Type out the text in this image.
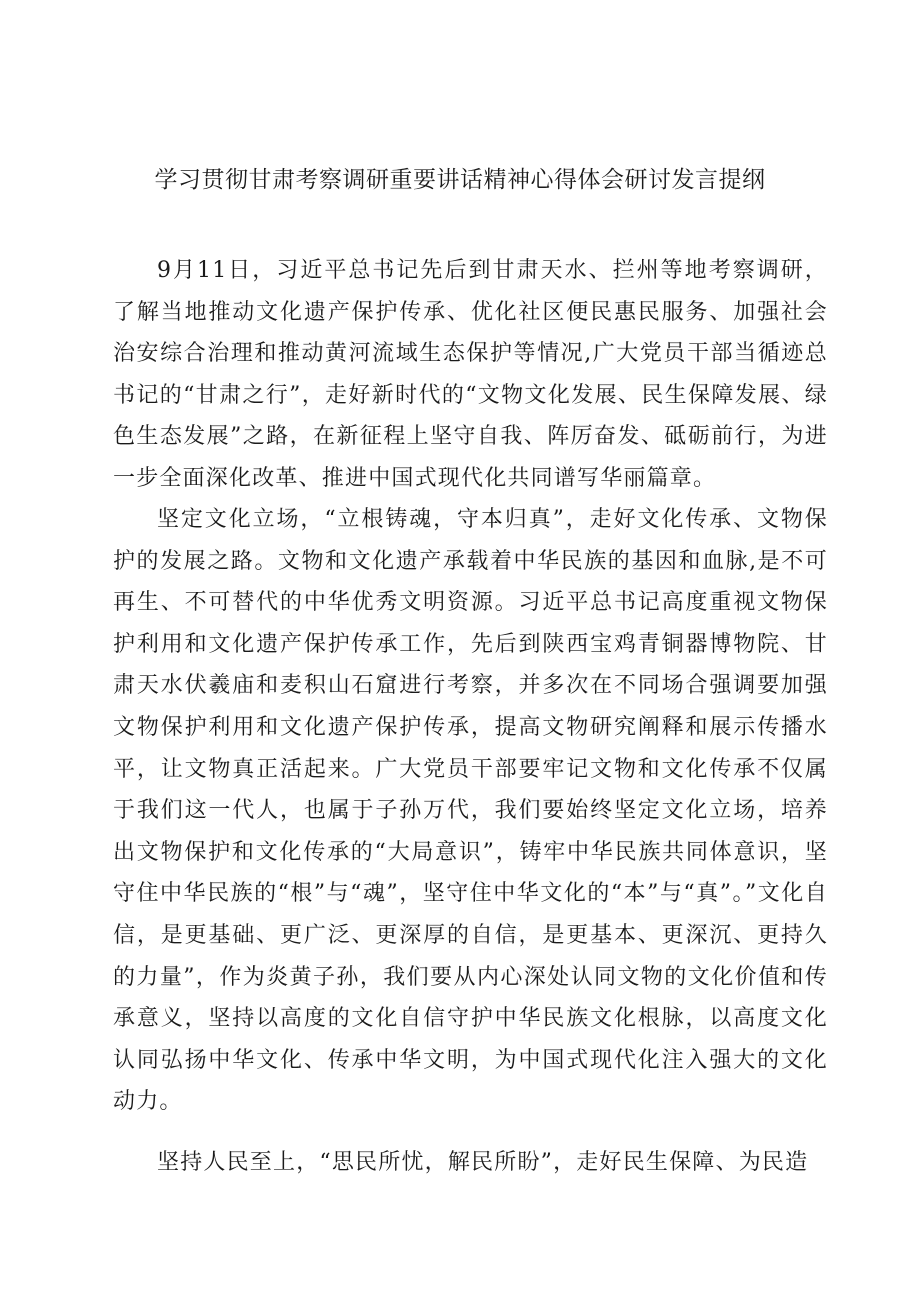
学习贯彻甘肃考察调研重要讲话精神心得体会研讨发言提纲

9月11日，习近平总书记先后到甘肃天水、拦州等地考察调研，了解当地推动文化遗产保护传承、优化社区便民惠民服务、加强社会治安综合治理和推动黄河流域生态保护等情况,广大党员干部当循迹总书记的“甘肃之行”，走好新时代的“文物文化发展、民生保障发展、绿色生态发展”之路，在新征程上坚守自我、阵厉奋发、砥砺前行，为进一步全面深化改革、推进中国式现代化共同谱写华丽篇章。

坚定文化立场，“立根铸魂，守本归真”，走好文化传承、文物保护的发展之路。文物和文化遗产承载着中华民族的基因和血脉,是不可再生、不可替代的中华优秀文明资源。习近平总书记高度重视文物保护利用和文化遗产保护传承工作，先后到陕西宝鸡青铜器博物院、甘肃天水伏羲庙和麦积山石窟进行考察，并多次在不同场合强调要加强文物保护利用和文化遗产保护传承，提高文物研究阐释和展示传播水平，让文物真正活起来。广大党员干部要牢记文物和文化传承不仅属于我们这一代人，也属于子孙万代，我们要始终坚定文化立场，培养出文物保护和文化传承的“大局意识”，铸牢中华民族共同体意识，坚守住中华民族的“根”与“魂”，坚守住中华文化的“本”与“真”。”文化自信，是更基础、更广泛、更深厚的自信，是更基本、更深沉、更持久的力量”，作为炎黄子孙，我们要从内心深处认同文物的文化价值和传承意义，坚持以高度的文化自信守护中华民族文化根脉，以高度文化认同弘扬中华文化、传承中华文明，为中国式现代化注入强大的文化动力。

坚持人民至上，“思民所忧，解民所盼”，走好民生保障、为民造
